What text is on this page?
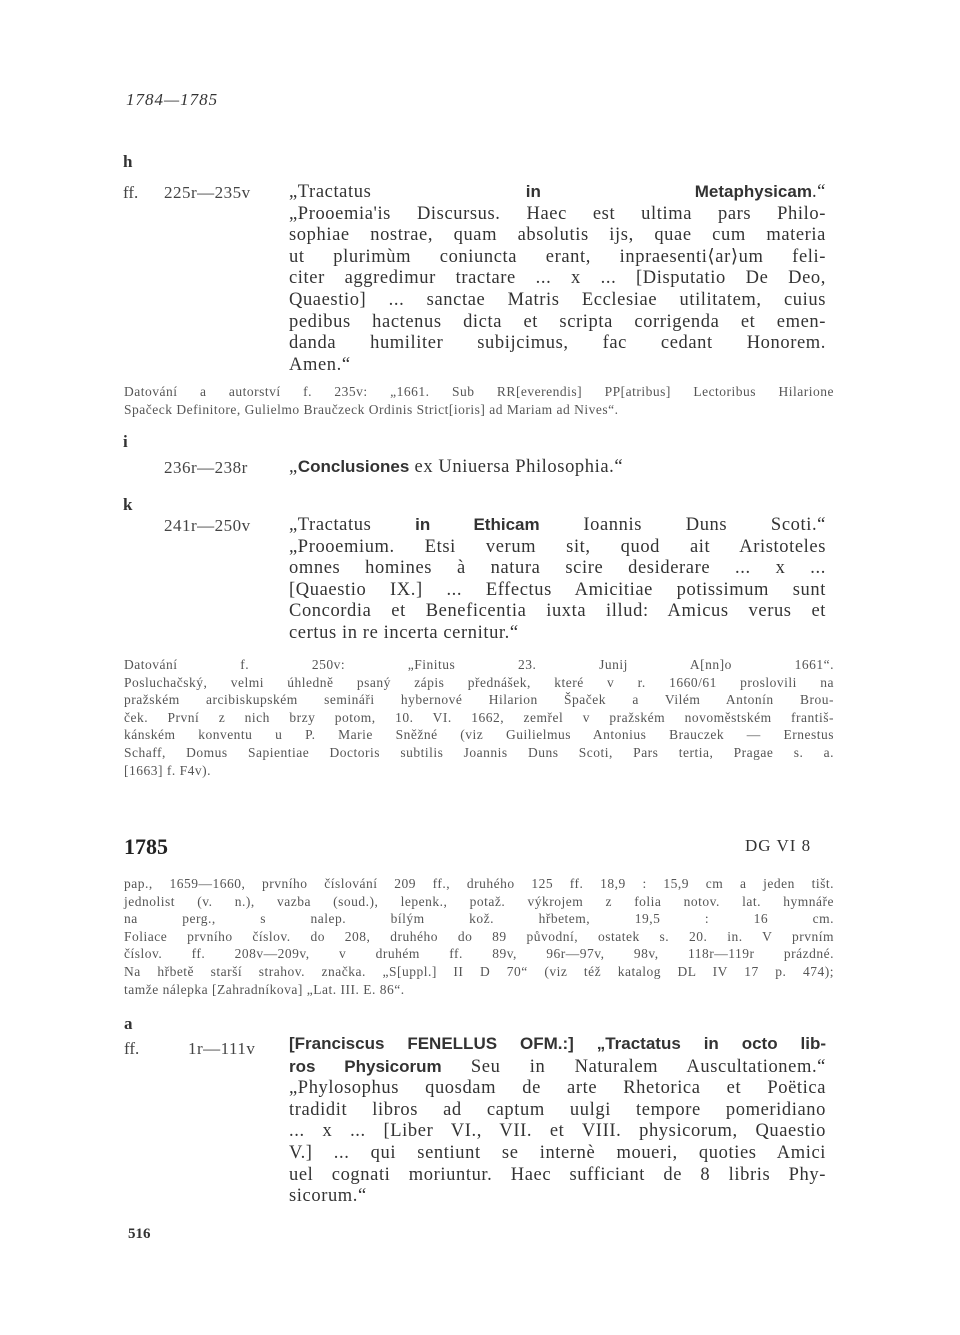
1784—1785
h
ff. 225r—235v „Tractatus in Metaphysicam.“
„Prooemia'is Discursus. Haec est ultima pars Philo-
sophiae nostrae, quam absolutis ijs, quae cum materia
ut plurimùm coniuncta erant, inpraesenti⟨ar⟩um feli-
citer aggredimur tractare ... x ... [Disputatio De Deo,
Quaestio] ... sanctae Matris Ecclesiae utilitatem, cuius
pedibus hactenus dicta et scripta corrigenda et emen-
danda humiliter subijcimus, fac cedant Honorem.
Amen.“
Datování a autorství f. 235v: „1661. Sub RR[everendis] PP[atribus] Lectoribus Hilarione
Spačeck Definitore, Gulielmo Braučzeck Ordinis Strict[ioris] ad Mariam ad Nives“.
i
236r—238r „Conclusiones ex Uniuersa Philosophia.“
k
241r—250v „Tractatus in Ethicam Ioannis Duns Scoti.“
„Prooemium. Etsi verum sit, quod ait Aristoteles
omnes homines à natura scire desiderare ... x ...
[Quaestio IX.] ... Effectus Amicitiae potissimum sunt
Concordia et Beneficentia iuxta illud: Amicus verus et
certus in re incerta cernitur.“
Datování f. 250v: „Finitus 23. Junij A[nn]o 1661“.
Posluchačský, velmi úhledně psaný zápis přednášek, které v r. 1660/61 proslovili na
pražském arcibiskupském semináři hybernové Hilarion Špaček a Vilém Antonín Brou-
ček. První z nich brzy potom, 10. VI. 1662, zemřel v pražském novoměstském františ-
kánském konventu u P. Marie Sněžné (viz Guilielmus Antonius Brauczek — Ernestus
Schaff, Domus Sapientiae Doctoris subtilis Joannis Duns Scoti, Pars tertia, Pragae s. a.
[1663] f. F4v).
1785	DG VI 8
pap., 1659—1660, prvního číslování 209 ff., druhého 125 ff. 18,9 : 15,9 cm a jeden tišt.
jednolist (v. n.), vazba (soud.), lepenk., potaž. výkrojem z folia notov. lat. hymnáře
na perg., s nalep. bílým kož. hřbetem, 19,5 : 16 cm.
Foliace prvního číslov. do 208, druhého do 89 původní, ostatek s. 20. in. V prvním
číslov. ff. 208v—209v, v druhém ff. 89v, 96r—97v, 98v, 118r—119r prázdné.
Na hřbetě starší strahov. značka. „S[uppl.] II D 70“ (viz též katalog DL IV 17 p. 474);
tamže nálepka [Zahradníkova] „Lat. III. E. 86“.
a
ff.	1r—111v [Franciscus FENELLUS OFM.:] „Tractatus in octo lib-
ros Physicorum Seu in Naturalem Auscultationem.“
„Phylosophus quosdam de arte Rhetorica et Poëtica
tradidit libros ad captum uulgi tempore pomeridiano
... x ... [Liber VI., VII. et VIII. physicorum, Quaestio
V.] ... qui sentiunt se internè moueri, quoties Amici
uel cognati moriuntur. Haec sufficiant de 8 libris Phy-
sicorum.“
516
